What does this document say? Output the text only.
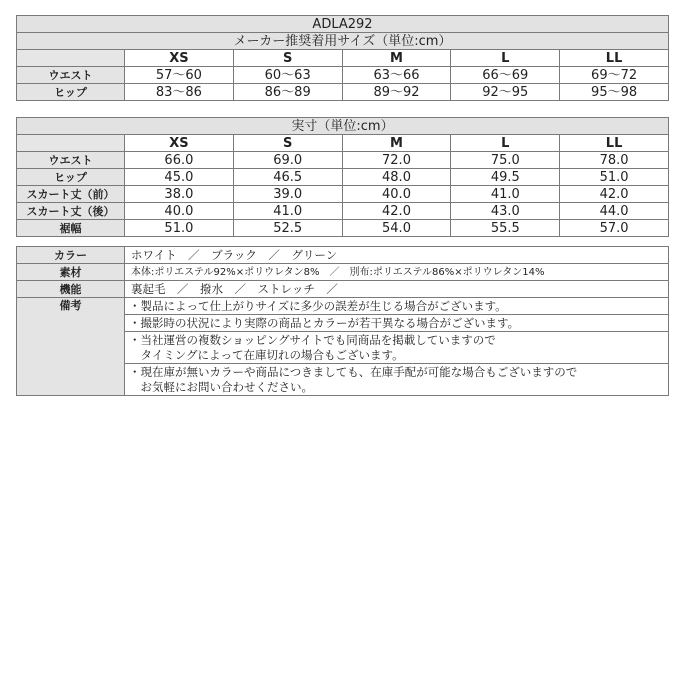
ADLA292					
メーカー推奨着用サイズ（単位:cm）					
	XS	S	M	L	LL
ウエスト	57～60	60～63	63～66	66～69	69～72
ヒップ	83～86	86～89	89～92	92～95	95～98
実寸（単位:cm）					
	XS	S	M	L	LL
ウエスト	66.0	69.0	72.0	75.0	78.0
ヒップ	45.0	46.5	48.0	49.5	51.0
スカート丈（前）	38.0	39.0	40.0	41.0	42.0
スカート丈（後）	40.0	41.0	42.0	43.0	44.0
裾幅	51.0	52.5	54.0	55.5	57.0
カラー	ホワイト　／　ブラック　／　グリーン
素材	本体:ポリエステル92%×ポリウレタン8%　／　別布:ポリエステル86%×ポリウレタン14%
機能	裏起毛　／　撥水　／　ストレッチ　／
備考	・製品によって仕上がりサイズに多少の誤差が生じる場合がございます。

	・撮影時の状況により実際の商品とカラーが若干異なる場合がございます。

	・当社運営の複数ショッピングサイトでも同商品を掲載していますので
　タイミングによって在庫切れの場合もございます。

	・現在庫が無いカラーや商品につきましても、在庫手配が可能な場合もございますので
　お気軽にお問い合わせください。
